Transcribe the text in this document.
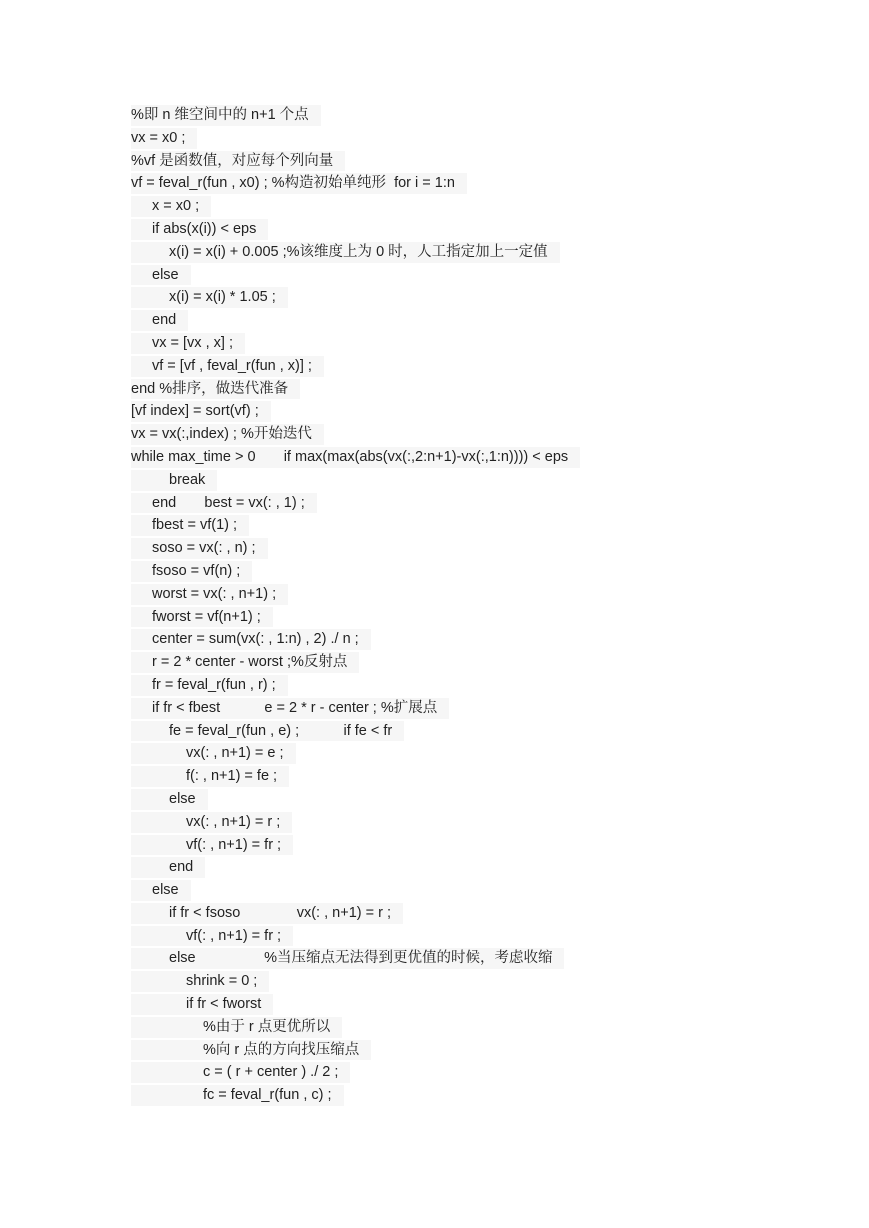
%即 n 维空间中的 n+1 个点
vx = x0 ;
%vf 是函数值，对应每个列向量
vf = feval_r(fun , x0) ; %构造初始单纯形  for i = 1:n
x = x0 ;
if abs(x(i)) < eps
x(i) = x(i) + 0.005 ;%该维度上为 0 时，人工指定加上一定值
else
x(i) = x(i) * 1.05 ;
end
vx = [vx , x] ;
vf = [vf , feval_r(fun , x)] ;
end %排序，做迭代准备
[vf index] = sort(vf) ;
vx = vx(:,index) ; %开始迭代
while max_time > 0       if max(max(abs(vx(:,2:n+1)-vx(:,1:n)))) < eps
break
end       best = vx(: , 1) ;
fbest = vf(1) ;
soso = vx(: , n) ;
fsoso = vf(n) ;
worst = vx(: , n+1) ;
fworst = vf(n+1) ;
center = sum(vx(: , 1:n) , 2) ./ n ;
r = 2 * center - worst ;%反射点
fr = feval_r(fun , r) ;
if fr < fbest           e = 2 * r - center ; %扩展点
fe = feval_r(fun , e) ;           if fe < fr
vx(: , n+1) = e ;
f(: , n+1) = fe ;
else
vx(: , n+1) = r ;
vf(: , n+1) = fr ;
end
else
if fr < fsoso              vx(: , n+1) = r ;
vf(: , n+1) = fr ;
else                 %当压缩点无法得到更优值的时候，考虑收缩
shrink = 0 ;
if fr < fworst
%由于 r 点更优所以
%向 r 点的方向找压缩点
c = ( r + center ) ./ 2 ;
fc = feval_r(fun , c) ;
